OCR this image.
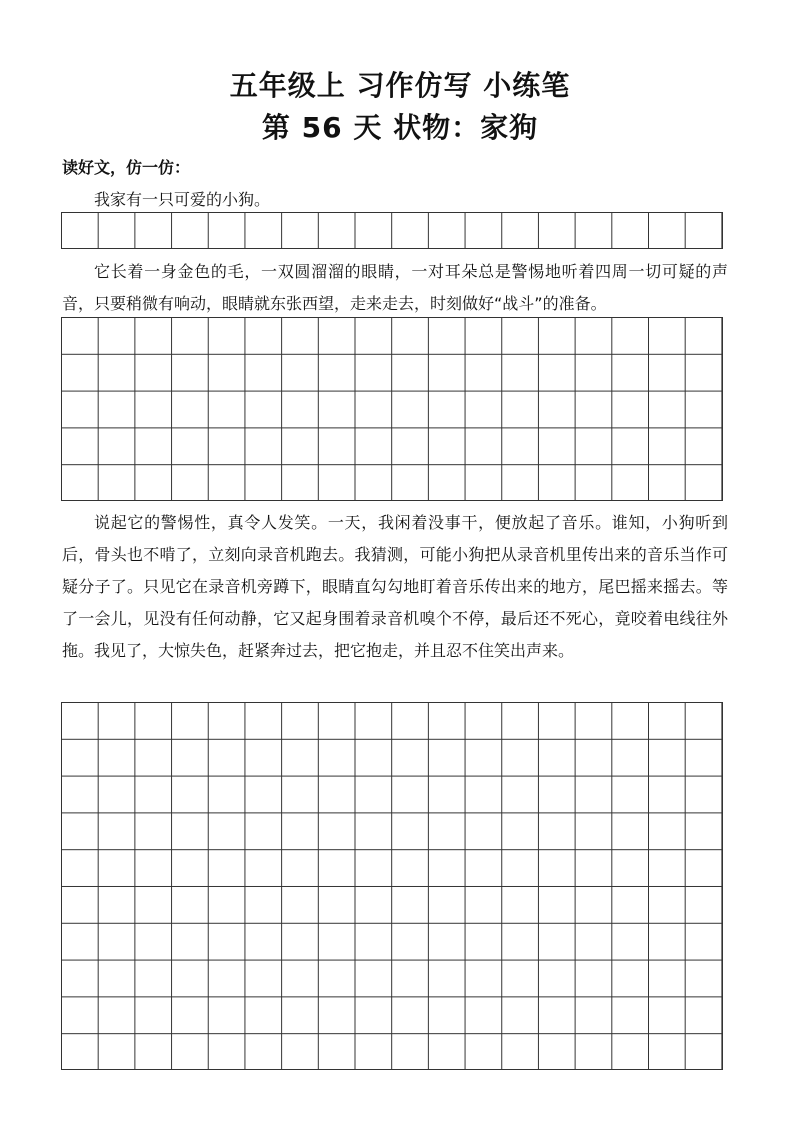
五年级上 习作仿写 小练笔
第 56 天 状物：家狗
读好文，仿一仿：

我家有一只可爱的小狗。

它长着一身金色的毛，一双圆溜溜的眼睛，一对耳朵总是警惕地听着四周一切可疑的声音，只要稍微有响动，眼睛就东张西望，走来走去，时刻做好“战斗”的准备。

说起它的警惕性，真令人发笑。一天，我闲着没事干，便放起了音乐。谁知，小狗听到后，骨头也不啃了，立刻向录音机跑去。我猜测，可能小狗把从录音机里传出来的音乐当作可疑分子了。只见它在录音机旁蹲下，眼睛直勾勾地盯着音乐传出来的地方，尾巴摇来摇去。等了一会儿，见没有任何动静，它又起身围着录音机嗅个不停，最后还不死心，竟咬着电线往外拖。我见了，大惊失色，赶紧奔过去，把它抱走，并且忍不住笑出声来。
